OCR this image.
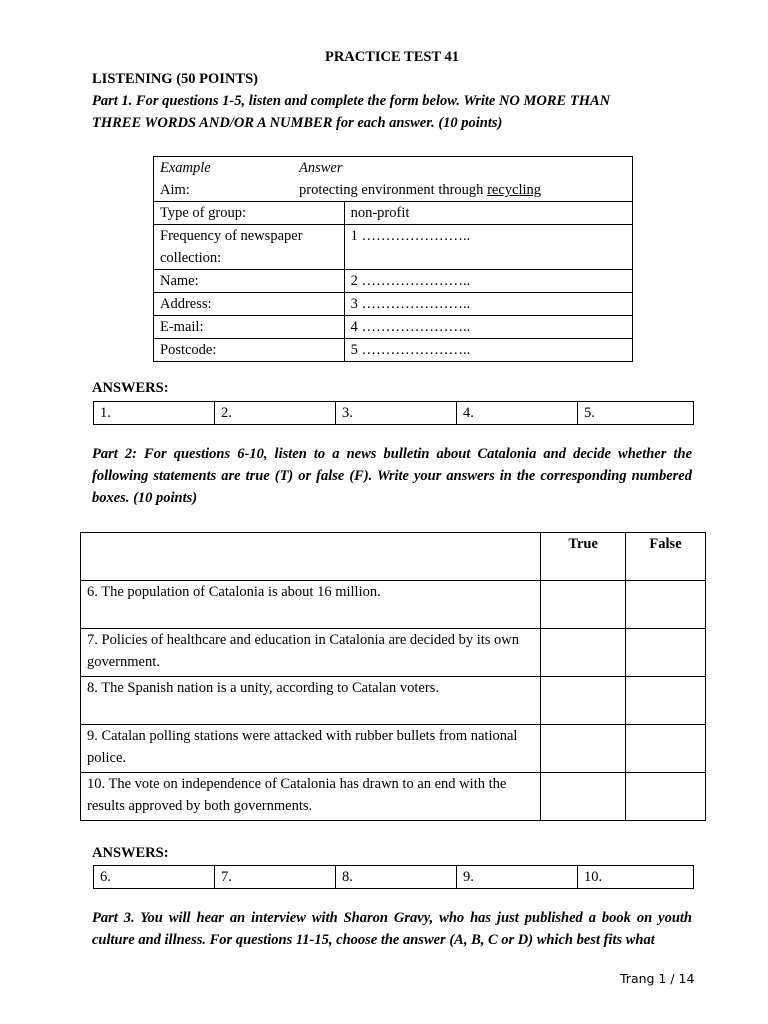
PRACTICE TEST 41
LISTENING (50 POINTS)
Part 1. For questions 1-5, listen and complete the form below. Write NO MORE THAN
THREE WORDS AND/OR A NUMBER for each answer. (10 points)
Example Answer
Aim: protecting environment through recycling	

Type of group:	non-profit
Frequency of newspaper collection:	1 …………………..
Name:	2 …………………..
Address:	3 …………………..
E-mail:	4 …………………..
Postcode:	5 …………………..
ANSWERS:
1.	2.	3.	4.	5.
Part 2: For questions 6-10, listen to a news bulletin about Catalonia and decide whether the following statements are true (T) or false (F). Write your answers in the corresponding numbered boxes. (10 points)
	True	False
6. The population of Catalonia is about 16 million.		
7. Policies of healthcare and education in Catalonia are decided by its own government.		
8. The Spanish nation is a unity, according to Catalan voters.		
9. Catalan polling stations were attacked with rubber bullets from national police.		
10. The vote on independence of Catalonia has drawn to an end with the results approved by both governments.		
ANSWERS:
6.	7.	8.	9.	10.
Part 3. You will hear an interview with Sharon Gravy, who has just published a book on youth culture and illness. For questions 11-15, choose the answer (A, B, C or D) which best fits what
Trang 1 / 14
